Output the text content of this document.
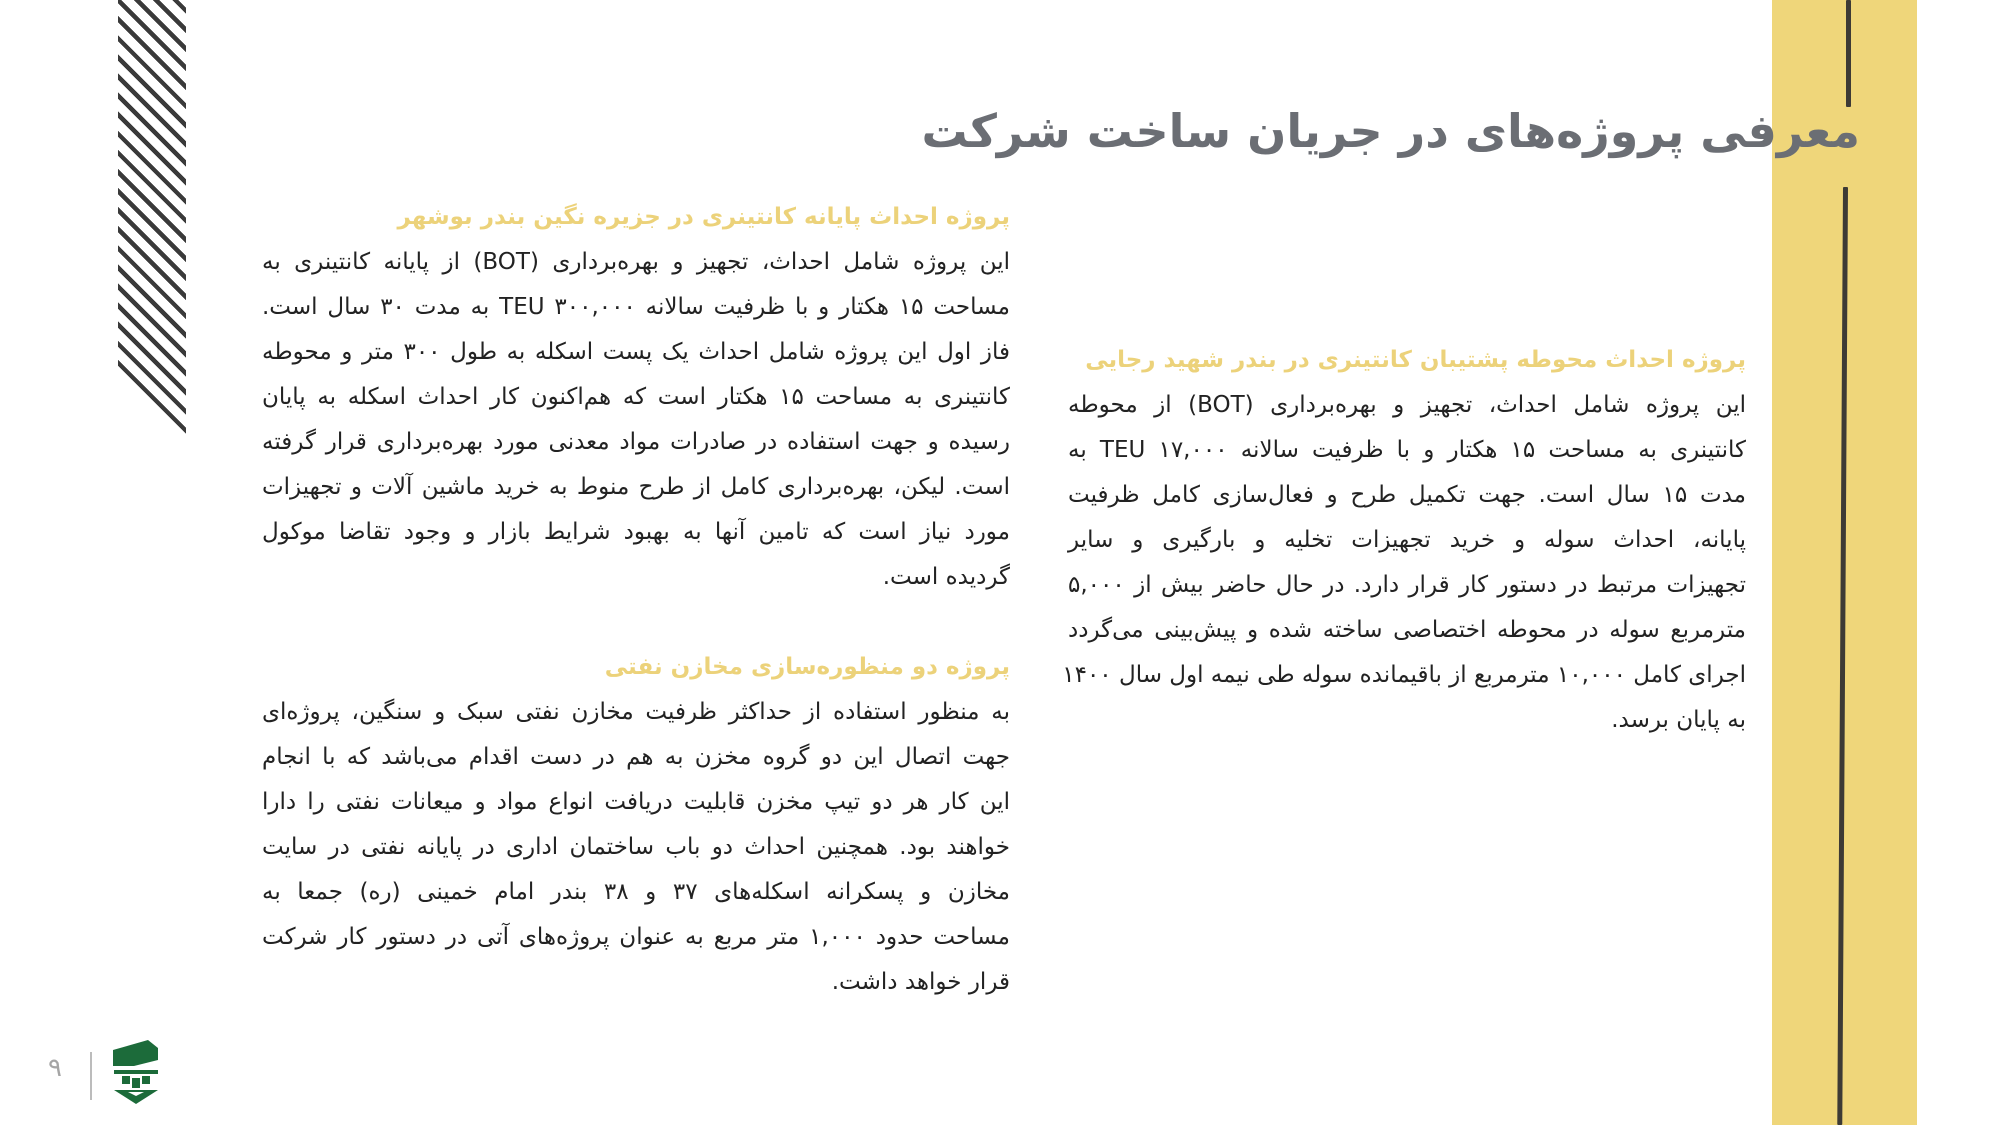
معرفی پروژه‌های در جریان ساخت شرکت
پروژه احداث محوطه پشتیبان کانتینری در بندر شهید رجایی
این پروژه شامل احداث، تجهیز و بهره‌برداری (BOT) از محوطه
کانتینری به مساحت ۱۵ هکتار و با ظرفیت سالانه ۱۷,۰۰۰ TEU به
مدت ۱۵ سال است. جهت تکمیل طرح و فعال‌سازی کامل ظرفیت
پایانه، احداث سوله و خرید تجهیزات تخلیه و بارگیری و سایر
تجهیزات مرتبط در دستور کار قرار دارد. در حال حاضر بیش از ۵,۰۰۰
مترمربع سوله در محوطه اختصاصی ساخته شده و پیش‌بینی می‌گردد
اجرای کامل ۱۰,۰۰۰ مترمربع از باقیمانده سوله طی نیمه اول سال ۱۴۰۰
به پایان برسد.
پروژه احداث پایانه کانتینری در جزیره نگین بندر بوشهر
این پروژه شامل احداث، تجهیز و بهره‌برداری (BOT) از پایانه کانتینری به
مساحت ۱۵ هکتار و با ظرفیت سالانه ۳۰۰,۰۰۰ TEU به مدت ۳۰ سال است.
فاز اول این پروژه شامل احداث یک پست اسکله به طول ۳۰۰ متر و محوطه
کانتینری به مساحت ۱۵ هکتار است که هم‌اکنون کار احداث اسکله به پایان
رسیده و جهت استفاده در صادرات مواد معدنی مورد بهره‌برداری قرار گرفته
است. لیکن، بهره‌برداری کامل از طرح منوط به خرید ماشین آلات و تجهیزات
مورد نیاز است که تامین آنها به بهبود شرایط بازار و وجود تقاضا موکول
گردیده است.
پروژه دو منظوره‌سازی مخازن نفتی
به منظور استفاده از حداکثر ظرفیت مخازن نفتی سبک و سنگین، پروژه‌ای
جهت اتصال این دو گروه مخزن به هم در دست اقدام می‌باشد که با انجام
این کار هر دو تیپ مخزن قابلیت دریافت انواع مواد و میعانات نفتی را دارا
خواهند بود. همچنین احداث دو باب ساختمان اداری در پایانه نفتی در سایت
مخازن و پسکرانه اسکله‌های ۳۷ و ۳۸ بندر امام خمینی (ره) جمعا به
مساحت حدود ۱,۰۰۰ متر مربع به عنوان پروژه‌های آتی در دستور کار شرکت
قرار خواهد داشت.
۹
